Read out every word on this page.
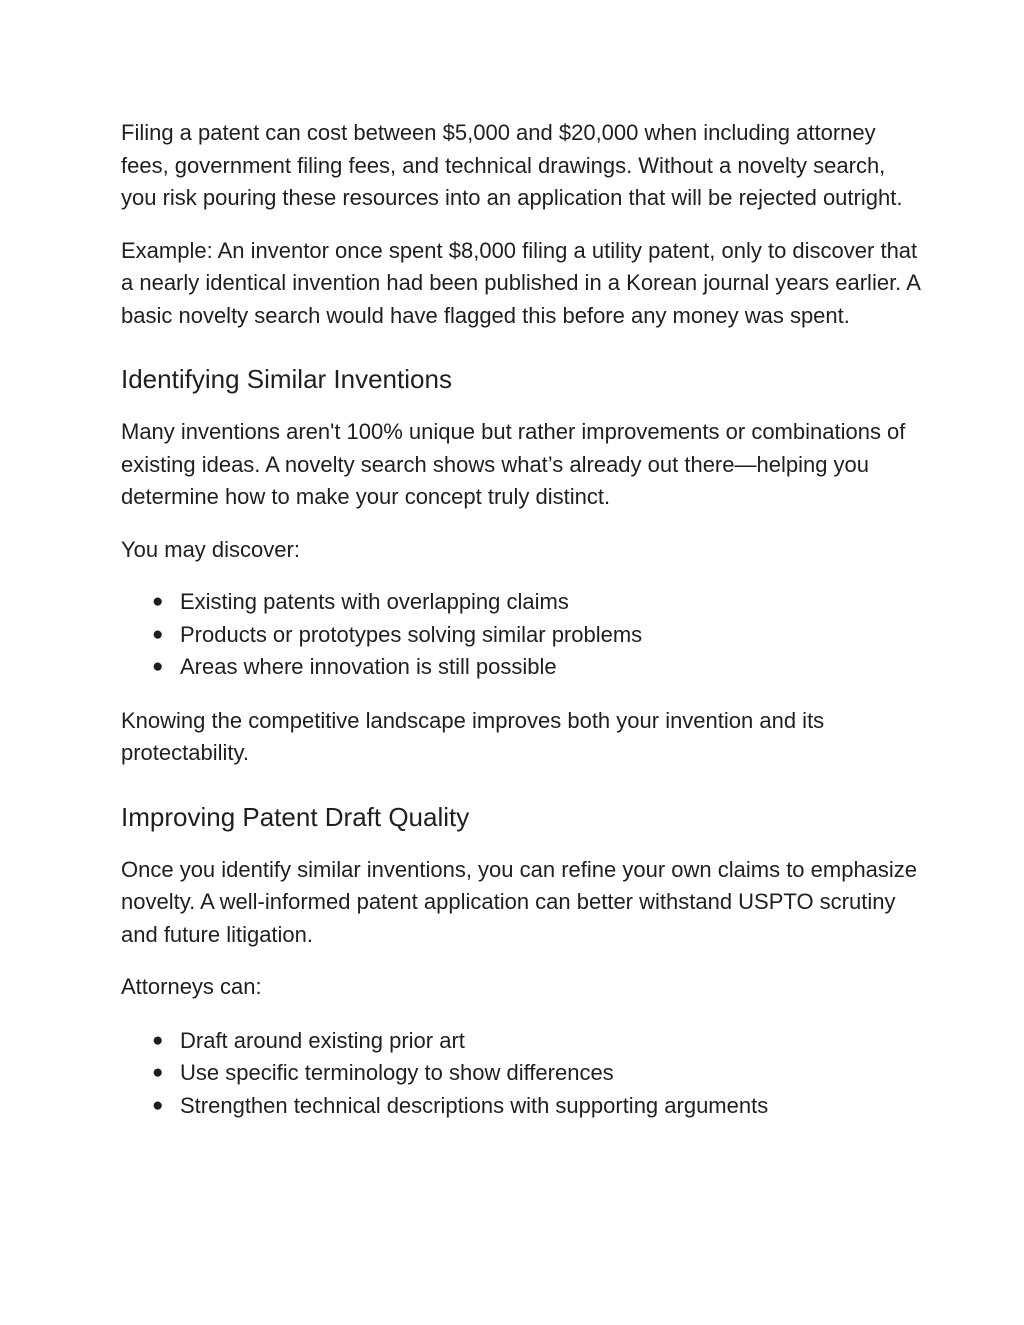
Filing a patent can cost between $5,000 and $20,000 when including attorney fees, government filing fees, and technical drawings. Without a novelty search, you risk pouring these resources into an application that will be rejected outright.

Example: An inventor once spent $8,000 filing a utility patent, only to discover that a nearly identical invention had been published in a Korean journal years earlier. A basic novelty search would have flagged this before any money was spent.

Identifying Similar Inventions

Many inventions aren't 100% unique but rather improvements or combinations of existing ideas. A novelty search shows what’s already out there—helping you determine how to make your concept truly distinct.

You may discover:

● Existing patents with overlapping claims
● Products or prototypes solving similar problems
● Areas where innovation is still possible

Knowing the competitive landscape improves both your invention and its protectability.

Improving Patent Draft Quality

Once you identify similar inventions, you can refine your own claims to emphasize novelty. A well-informed patent application can better withstand USPTO scrutiny and future litigation.

Attorneys can:

● Draft around existing prior art
● Use specific terminology to show differences
● Strengthen technical descriptions with supporting arguments
